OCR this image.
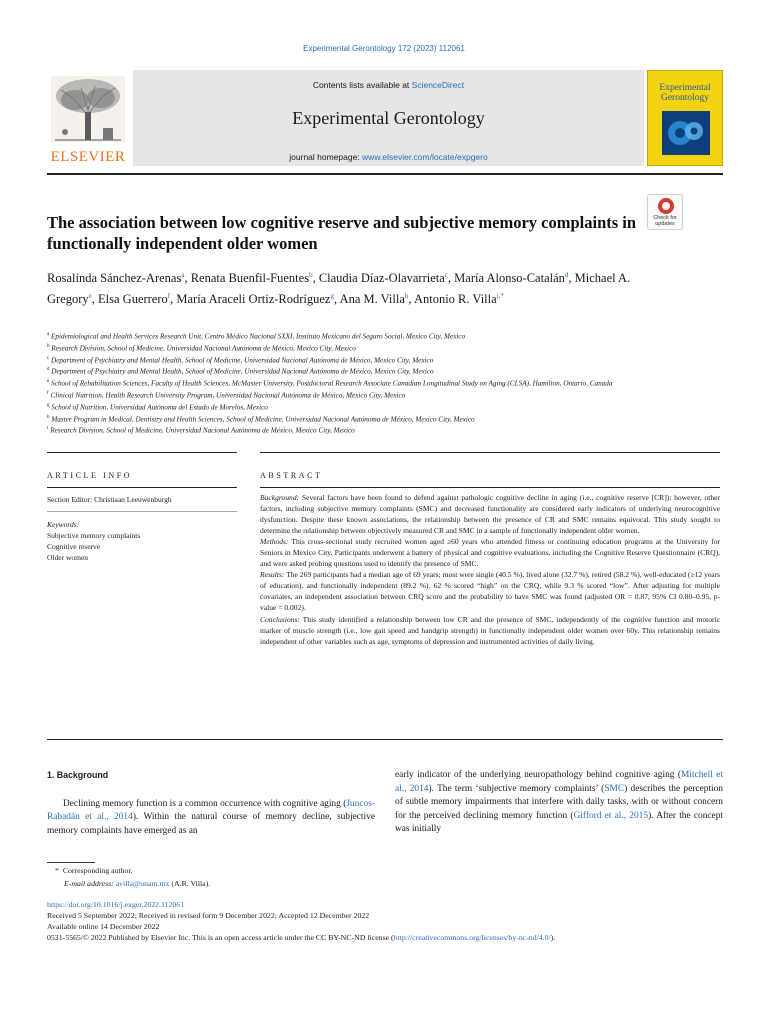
Experimental Gerontology 172 (2023) 112061
ELSEVIER
Contents lists available at ScienceDirect
Experimental Gerontology
journal homepage: www.elsevier.com/locate/expgero
Experimental
Gerontology
Check for
updates
The association between low cognitive reserve and subjective memory complaints in functionally independent older women
Rosalinda Sánchez-Arenas$^a$, Renata Buenfil-Fuentes$^b$, Claudia Díaz-Olavarrieta$^c$, María Alonso-Catalán$^d$, Michael A. Gregory$^e$, Elsa Guerrero$^f$, María Araceli Ortiz-Rodríguez$^g$, Ana M. Villa$^h$, Antonio R. Villa$^{i,*}$
$^a$ Epidemiological and Health Services Research Unit, Centro Médico Nacional SXXI, Instituto Mexicano del Seguro Social, Mexico City, Mexico
$^b$ Research Division, School of Medicine, Universidad Nacional Autónoma de México, Mexico City, Mexico
$^c$ Department of Psychiatry and Mental Health, School of Medicine, Universidad Nacional Autónoma de México, Mexico City, Mexico
$^d$ Department of Psychiatry and Mental Health, School of Medicine, Universidad Nacional Autónoma de México, Mexico City, Mexico
$^e$ School of Rehabilitation Sciences, Faculty of Health Sciences, McMaster University, Postdoctoral Research Associate Canadian Longitudinal Study on Aging (CLSA), Hamilton, Ontario, Canada
$^f$ Clinical Nutrition, Health Research University Program, Universidad Nacional Autónoma de México, Mexico City, Mexico
$^g$ School of Nutrition, Universidad Autónoma del Estado de Morelos, Mexico
$^h$ Master Program in Medical, Dentistry and Health Sciences, School of Medicine, Universidad Nacional Autónoma de México, Mexico City, Mexico
$^i$ Research Division, School of Medicine, Universidad Nacional Autónoma de México, Mexico City, Mexico
ARTICLE INFO	ABSTRACT
Section Editor: Christiaan Leeuwenburgh
Keywords:
Subjective memory complaints
Cognitive reserve
Older women

Background: Several factors have been found to defend against pathologic cognitive decline in aging (i.e., cognitive reserve [CR]); however, other factors, including subjective memory complaints (SMC) and decreased functionality are considered early indicators of underlying neurocognitive dysfunction. Despite these known associations, the relationship between the presence of CR and SMC remains equivocal. This study sought to determine the relationship between objectively measured CR and SMC in a sample of functionally independent older women.

Methods: This cross-sectional study recruited women aged ≥60 years who attended fitness or continuing education programs at the University for Seniors in Mexico City. Participants underwent a battery of physical and cognitive evaluations, including the Cognitive Reserve Questionnaire (CRQ), and were asked probing questions used to identify the presence of SMC.

Results: The 269 participants had a median age of 69 years; most were single (40.5 %), lived alone (32.7 %), retired (58.2 %), well-educated (≥12 years of education), and functionally independent (89.2 %). 62 % scored “high” on the CRQ, while 9.3 % scored “low”. After adjusting for multiple covariates, an independent association between CRQ score and the probability to have SMC was found (adjusted OR = 0.87, 95% CI 0.80–0.95, p-value = 0.002).

Conclusions: This study identified a relationship between low CR and the presence of SMC, independently of the cognitive function and motoric marker of muscle strength (i.e., low gait speed and handgrip strength) in functionally independent older women over 60y. This relationship remains independent of other variables such as age, symptoms of depression and instrumented activities of daily living.

1. Background

Declining memory function is a common occurrence with cognitive aging (Juncos-Rabadán et al., 2014). Within the natural course of memory decline, subjective memory complaints have emerged as an

early indicator of the underlying neuropathology behind cognitive aging (Mitchell et al., 2014). The term ‘subjective memory complaints’ (SMC) describes the perception of subtle memory impairments that interfere with daily tasks, with or without concern for the perceived declining memory function (Gifford et al., 2015). After the concept was initially

* Corresponding author.
E-mail address: avilla@unam.mx (A.R. Villa).
https://doi.org/10.1016/j.exger.2022.112061
Received 5 September 2022; Received in revised form 9 December 2022; Accepted 12 December 2022
Available online 14 December 2022
0531-5565/© 2022 Published by Elsevier Inc. This is an open access article under the CC BY-NC-ND license (http://creativecommons.org/licenses/by-nc-nd/4.0/).
